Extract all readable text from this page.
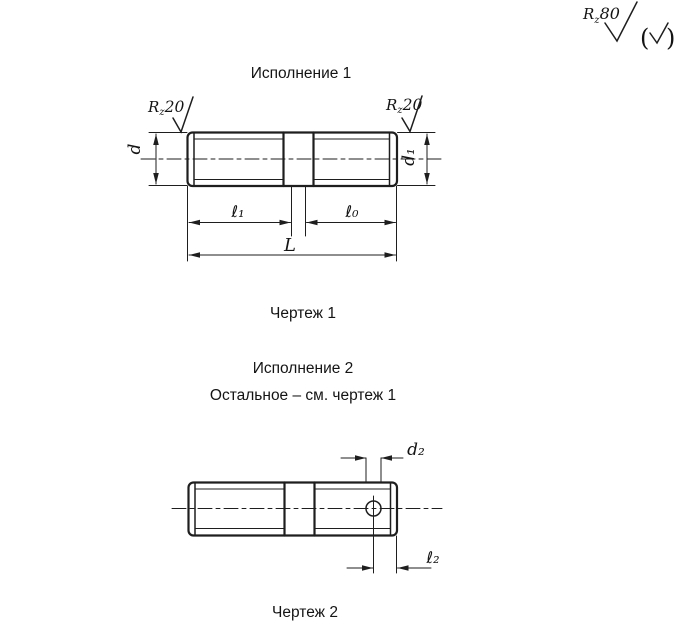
$R_z80$
( )
Исполнение 1
$R_z20$	$R_z20$
d	d₁
ℓ₁	ℓ₀
L
Чертеж 1
Исполнение 2
Остальное – см. чертеж 1
d₂
ℓ₂
Чертеж 2
